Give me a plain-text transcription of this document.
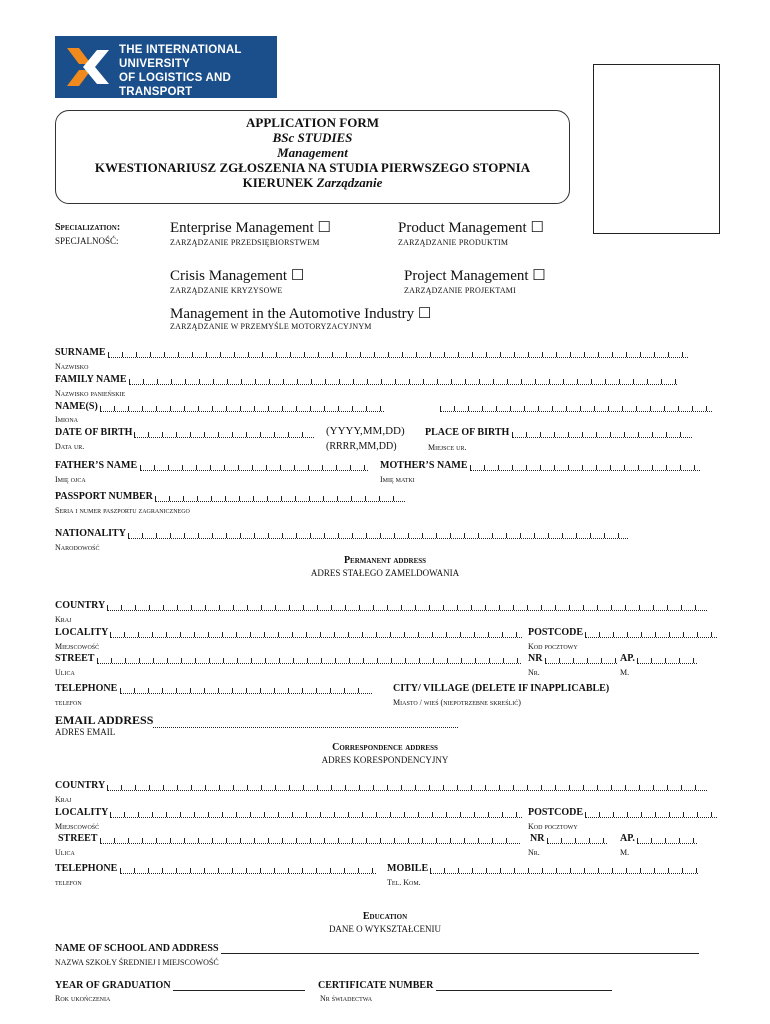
THE INTERNATIONAL UNIVERSITY
OF LOGISTICS AND TRANSPORT
IN WROCLAW
APPLICATION FORM
BSc STUDIES
Management
KWESTIONARIUSZ ZGŁOSZENIA NA STUDIA PIERWSZEGO STOPNIA
KIERUNEK Zarządzanie
Specialization:
SPECJALNOŚĆ:
Enterprise Management ☐
ZARZĄDZANIE PRZEDSIĘBIORSTWEM
Product Management ☐
ZARZĄDZANIE PRODUKTIM
Crisis Management ☐
ZARZĄDZANIE KRYZYSOWE
Project Management ☐
ZARZĄDZANIE PROJEKTAMI
Management in the Automotive Industry ☐
ZARZĄDZANIE W PRZEMYŚLE MOTORYZACYJNYM
SURNAME
Nazwisko
FAMILY NAME
Nazwisko panieńskie
NAME(S)
Imiona
DATE OF BIRTH	(YYYY,MM,DD) PLACE OF BIRTH
Data ur.	(RRRR,MM,DD)	Miejsce ur.
FATHER’S NAME	MOTHER’S NAME
Imię ojca	Imię matki
PASSPORT NUMBER
Seria i numer paszportu zagranicznego
NATIONALITY
Narodowość
Permanent address
ADRES STAŁEGO ZAMELDOWANIA
COUNTRY
Kraj
LOCALITY	POSTCODE
Miejscowość	Kod pocztowy
STREET	NR	AP.
Ulica	Nr.	M.
TELEPHONE	CITY/ VILLAGE (DELETE IF INAPPLICABLE)
telefon	Miasto / wieś (niepotrzebne skreślić)
EMAIL ADDRESS
ADRES EMAIL
Correspondence address
ADRES KORESPONDENCYJNY
COUNTRY
Kraj
LOCALITY	POSTCODE
Miejscowość	Kod pocztowy
STREET	NR	AP.
Ulica	Nr.	M.
TELEPHONE	MOBILE
telefon	Tel. Kom.
Education
DANE O WYKSZTAŁCENIU
NAME OF SCHOOL AND ADDRESS
NAZWA SZKOŁY ŚREDNIEJ I MIEJSCOWOŚĆ
YEAR OF GRADUATION	CERTIFICATE NUMBER
Rok ukończenia	Nr świadectwa
